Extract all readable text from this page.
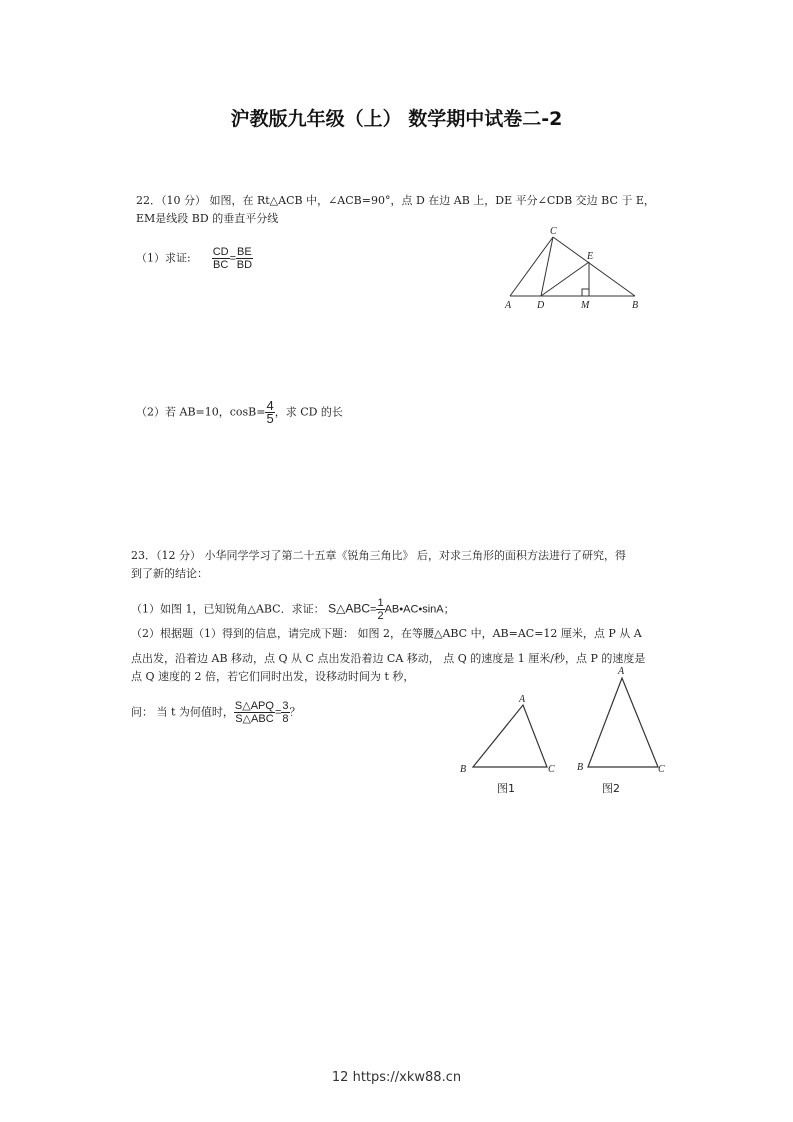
沪教版九年级（上） 数学期中试卷二-2
22．（10 分） 如图，在 Rt△ACB 中，∠ACB=90°，点 D 在边 AB 上，DE 平分∠CDB 交边 BC 于 E，
EM是线段 BD 的垂直平分线
（1）求证: $\frac{CD}{BC} = \frac{BE}{BD}$
A
C
E
D	M	B
（2）若 AB=10，$\cos B= \frac{4}{5}$ ，求 CD 的长
23．（12 分） 小华同学学习了第二十五章《锐角三角比》 后，对求三角形的面积方法进行了研究，得
到了新的结论：
（1）如图 1，已知锐角△ABC．求证： S△ABC= $\frac{1}{2}$ AB•AC•sinA；
（2）根据题（1）得到的信息，请完成下题： 如图 2，在等腰△ABC 中，AB=AC=12 厘米，点 P 从 A
点出发，沿着边 AB 移动，点 Q 从 C 点出发沿着边 CA 移动， 点 Q 的速度是 1 厘米/秒，点 P 的速度是
点 Q 速度的 2 倍，若它们同时出发，设移动时间为 t 秒，
问： 当 t 为何值时， $\frac{\text{S△APQ}}{\text{S△ABC}} = \frac{3}{8}$ ？
A
B	C
A
B	C
图1	图2
12 https://xkw88.cn
